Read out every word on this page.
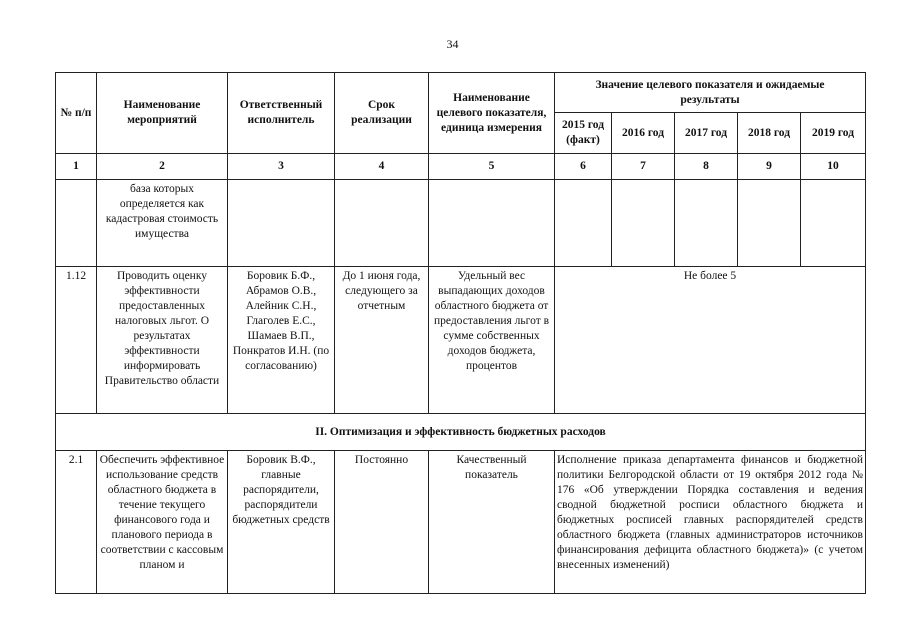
34
№ п/п	Наименование мероприятий	Ответственный исполнитель	Срок реализации	Наименование целевого показателя, единица измерения	Значение целевого показателя и ожидаемые результаты				
					2015 год (факт)	2016 год	2017 год	2018 год	2019 год
1	2	3	4	5	6	7	8	9	10

	база которых определяется как кадастровая стоимость имущества								

1.12	Проводить оценку эффективности предоставленных налоговых льгот. О результатах эффективности информировать Правительство области	Боровик Б.Ф., Абрамов О.В., Алейник С.Н., Глаголев Е.С., Шамаев В.П., Понкратов И.Н. (по согласованию)	До 1 июня года, следующего за отчетным	Удельный вес выпадающих доходов областного бюджета от предоставления льгот в сумме собственных доходов бюджета, процентов	Не более 5				

II. Оптимизация и эффективность бюджетных расходов									

2.1	Обеспечить эффективное использование средств областного бюджета в течение текущего финансового года и планового периода в соответствии с кассовым планом и	Боровик В.Ф., главные распорядители, распорядители бюджетных средств	Постоянно	Качественный показатель	Исполнение приказа департамента финансов и бюджетной политики Белгородской области от 19 октября 2012 года № 176 «Об утверждении Порядка составления и ведения сводной бюджетной росписи областного бюджета и бюджетных росписей главных распорядителей средств областного бюджета (главных администраторов источников финансирования дефицита областного бюджета)» (с учетом внесенных изменений)				
